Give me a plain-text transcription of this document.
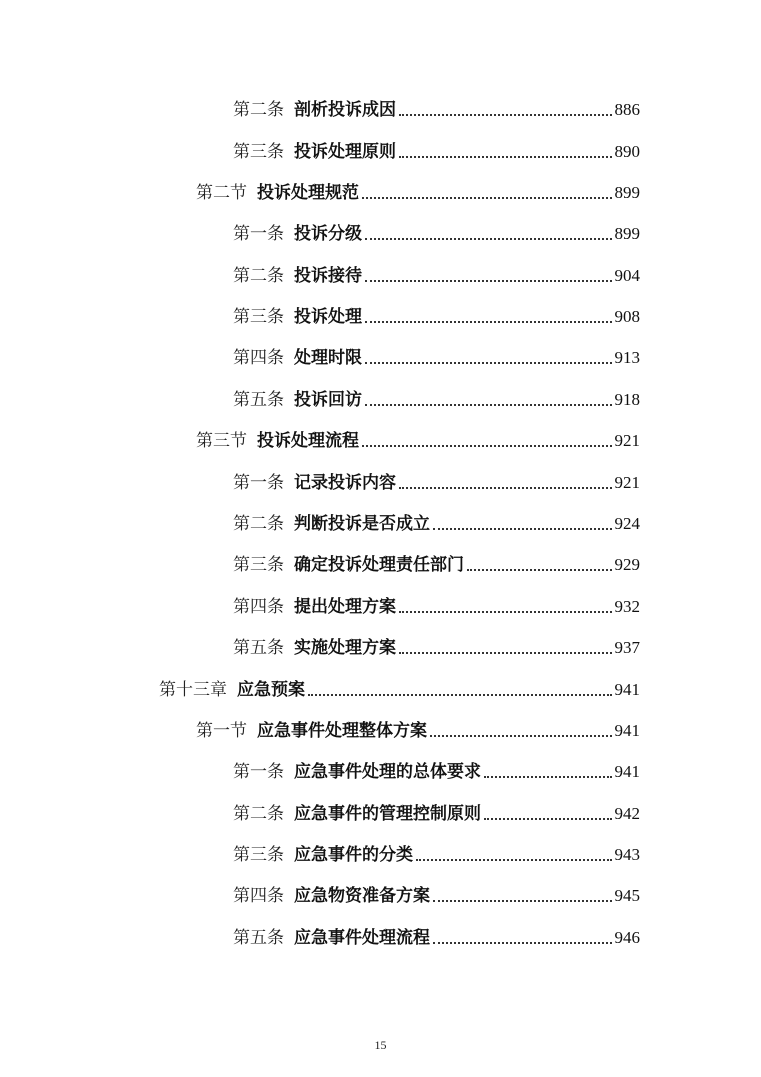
第二条 剖析投诉成因	886
第三条 投诉处理原则	890
第二节 投诉处理规范	899
第一条 投诉分级	899
第二条 投诉接待	904
第三条 投诉处理	908
第四条 处理时限	913
第五条 投诉回访	918
第三节 投诉处理流程	921
第一条 记录投诉内容	921
第二条 判断投诉是否成立	924
第三条 确定投诉处理责任部门	929
第四条 提出处理方案	932
第五条 实施处理方案	937
第十三章 应急预案	941
第一节 应急事件处理整体方案	941
第一条 应急事件处理的总体要求	941
第二条 应急事件的管理控制原则	942
第三条 应急事件的分类	943
第四条 应急物资准备方案	945
第五条 应急事件处理流程	946
15
